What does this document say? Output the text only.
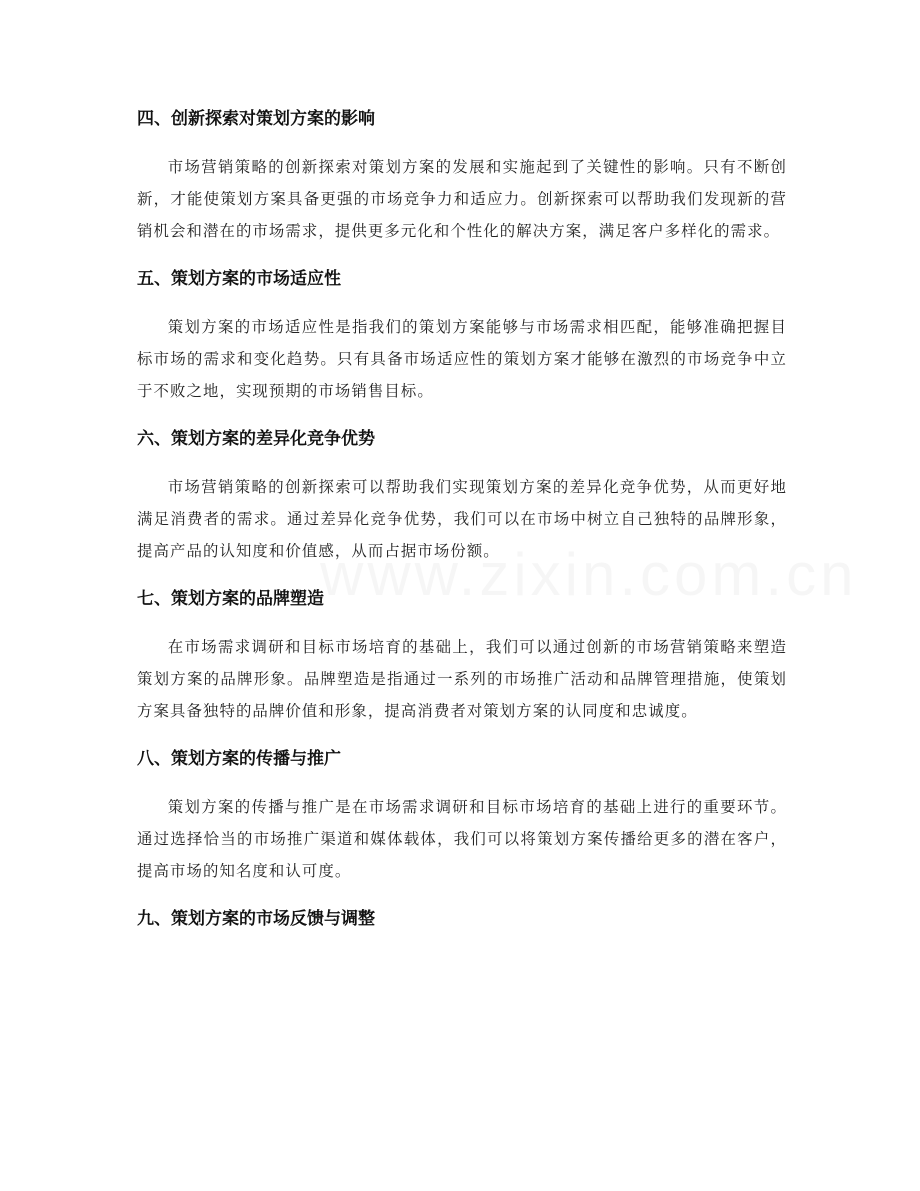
四、创新探索对策划方案的影响

市场营销策略的创新探索对策划方案的发展和实施起到了关键性的影响。只有不断创新，才能使策划方案具备更强的市场竞争力和适应力。创新探索可以帮助我们发现新的营销机会和潜在的市场需求，提供更多元化和个性化的解决方案，满足客户多样化的需求。

五、策划方案的市场适应性

策划方案的市场适应性是指我们的策划方案能够与市场需求相匹配，能够准确把握目标市场的需求和变化趋势。只有具备市场适应性的策划方案才能够在激烈的市场竞争中立于不败之地，实现预期的市场销售目标。

六、策划方案的差异化竞争优势

市场营销策略的创新探索可以帮助我们实现策划方案的差异化竞争优势，从而更好地满足消费者的需求。通过差异化竞争优势，我们可以在市场中树立自己独特的品牌形象，提高产品的认知度和价值感，从而占据市场份额。

七、策划方案的品牌塑造

在市场需求调研和目标市场培育的基础上，我们可以通过创新的市场营销策略来塑造策划方案的品牌形象。品牌塑造是指通过一系列的市场推广活动和品牌管理措施，使策划方案具备独特的品牌价值和形象，提高消费者对策划方案的认同度和忠诚度。

八、策划方案的传播与推广

策划方案的传播与推广是在市场需求调研和目标市场培育的基础上进行的重要环节。通过选择恰当的市场推广渠道和媒体载体，我们可以将策划方案传播给更多的潜在客户，提高市场的知名度和认可度。

九、策划方案的市场反馈与调整
